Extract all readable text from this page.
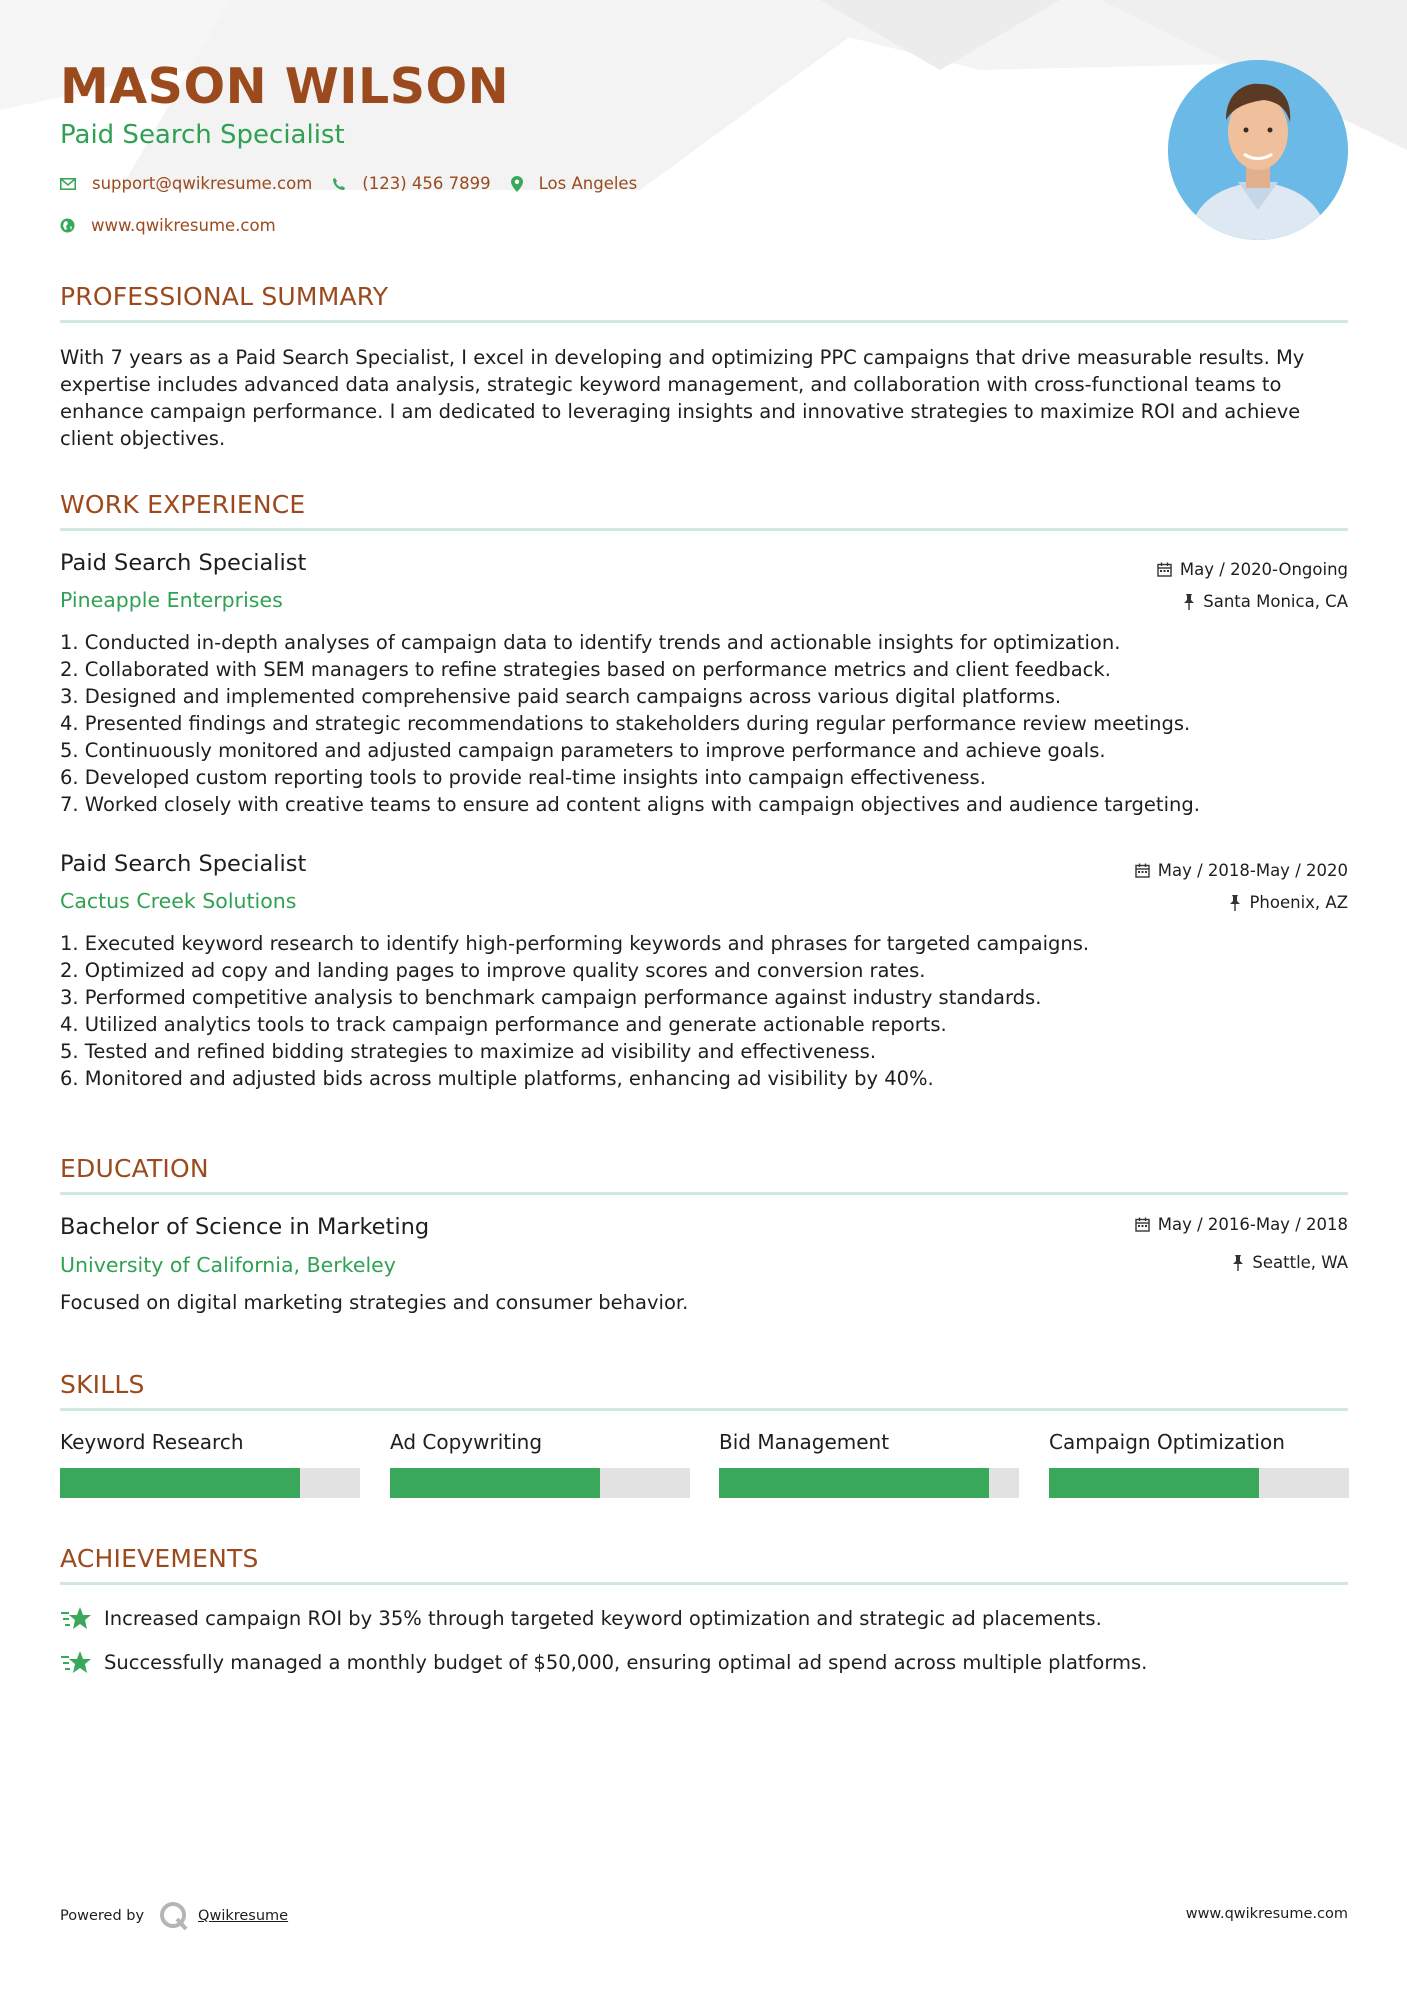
MASON WILSON
Paid Search Specialist
support@qwikresume.com	(123) 456 7899	Los Angeles
www.qwikresume.com
PROFESSIONAL SUMMARY
With 7 years as a Paid Search Specialist, I excel in developing and optimizing PPC campaigns that drive measurable results. My expertise includes advanced data analysis, strategic keyword management, and collaboration with cross-functional teams to enhance campaign performance. I am dedicated to leveraging insights and innovative strategies to maximize ROI and achieve client objectives.
WORK EXPERIENCE
Paid Search Specialist	May / 2020-Ongoing
Pineapple Enterprises	Santa Monica, CA
1. Conducted in-depth analyses of campaign data to identify trends and actionable insights for optimization.
2. Collaborated with SEM managers to refine strategies based on performance metrics and client feedback.
3. Designed and implemented comprehensive paid search campaigns across various digital platforms.
4. Presented findings and strategic recommendations to stakeholders during regular performance review meetings.
5. Continuously monitored and adjusted campaign parameters to improve performance and achieve goals.
6. Developed custom reporting tools to provide real-time insights into campaign effectiveness.
7. Worked closely with creative teams to ensure ad content aligns with campaign objectives and audience targeting.
Paid Search Specialist	May / 2018-May / 2020
Cactus Creek Solutions	Phoenix, AZ
1. Executed keyword research to identify high-performing keywords and phrases for targeted campaigns.
2. Optimized ad copy and landing pages to improve quality scores and conversion rates.
3. Performed competitive analysis to benchmark campaign performance against industry standards.
4. Utilized analytics tools to track campaign performance and generate actionable reports.
5. Tested and refined bidding strategies to maximize ad visibility and effectiveness.
6. Monitored and adjusted bids across multiple platforms, enhancing ad visibility by 40%.
EDUCATION
Bachelor of Science in Marketing	May / 2016-May / 2018
University of California, Berkeley	Seattle, WA
Focused on digital marketing strategies and consumer behavior.
SKILLS
Keyword Research	Ad Copywriting	Bid Management	Campaign Optimization
ACHIEVEMENTS
Increased campaign ROI by 35% through targeted keyword optimization and strategic ad placements.
Successfully managed a monthly budget of $50,000, ensuring optimal ad spend across multiple platforms.
Powered by	Qwikresume	www.qwikresume.com
